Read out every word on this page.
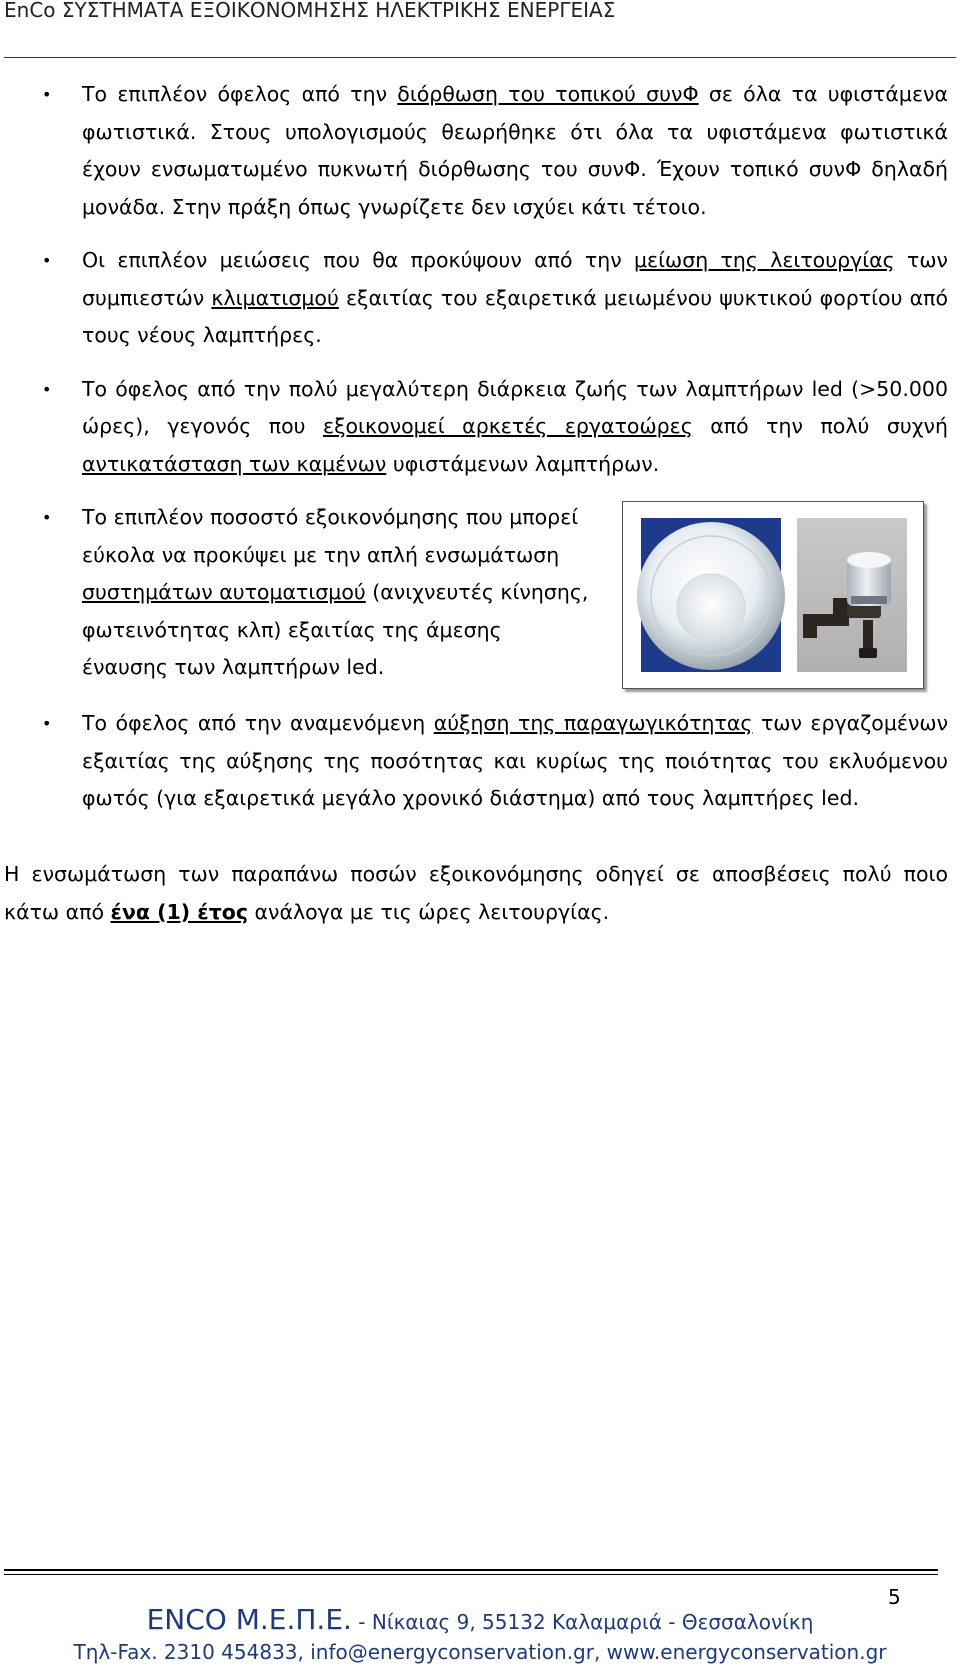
EnCo ΣΥΣΤΗΜΑΤΑ ΕΞΟΙΚΟΝΟΜΗΣΗΣ ΗΛΕΚΤΡΙΚΗΣ ΕΝΕΡΓΕΙΑΣ
• Το επιπλέον όφελος από την διόρθωση του τοπικού συνΦ σε όλα τα υφιστάμενα φωτιστικά. Στους υπολογισμούς θεωρήθηκε ότι όλα τα υφιστάμενα φωτιστικά έχουν ενσωματωμένο πυκνωτή διόρθωσης του συνΦ. Έχουν τοπικό συνΦ δηλαδή μονάδα. Στην πράξη όπως γνωρίζετε δεν ισχύει κάτι τέτοιο.
• Οι επιπλέον μειώσεις που θα προκύψουν από την μείωση της λειτουργίας των συμπιεστών κλιματισμού εξαιτίας του εξαιρετικά μειωμένου ψυκτικού φορτίου από τους νέους λαμπτήρες.
• Το όφελος από την πολύ μεγαλύτερη διάρκεια ζωής των λαμπτήρων led (>50.000 ώρες), γεγονός που εξοικονομεί αρκετές εργατοώρες από την πολύ συχνή αντικατάσταση των καμένων υφιστάμενων λαμπτήρων.
• Το επιπλέον ποσοστό εξοικονόμησης που μπορεί εύκολα να προκύψει με την απλή ενσωμάτωση συστημάτων αυτοματισμού (ανιχνευτές κίνησης, φωτεινότητας κλπ) εξαιτίας της άμεσης έναυσης των λαμπτήρων led.
• Το όφελος από την αναμενόμενη αύξηση της παραγωγικότητας των εργαζομένων εξαιτίας της αύξησης της ποσότητας και κυρίως της ποιότητας του εκλυόμενου φωτός (για εξαιρετικά μεγάλο χρονικό διάστημα) από τους λαμπτήρες led.
Η ενσωμάτωση των παραπάνω ποσών εξοικονόμησης οδηγεί σε αποσβέσεις πολύ ποιο κάτω από ένα (1) έτος ανάλογα με τις ώρες λειτουργίας.
5
ENCO Μ.Ε.Π.Ε. - Νίκαιας 9, 55132 Καλαμαριά - Θεσσαλονίκη
Τηλ-Fax. 2310 454833, info@energyconservation.gr, www.energyconservation.gr
